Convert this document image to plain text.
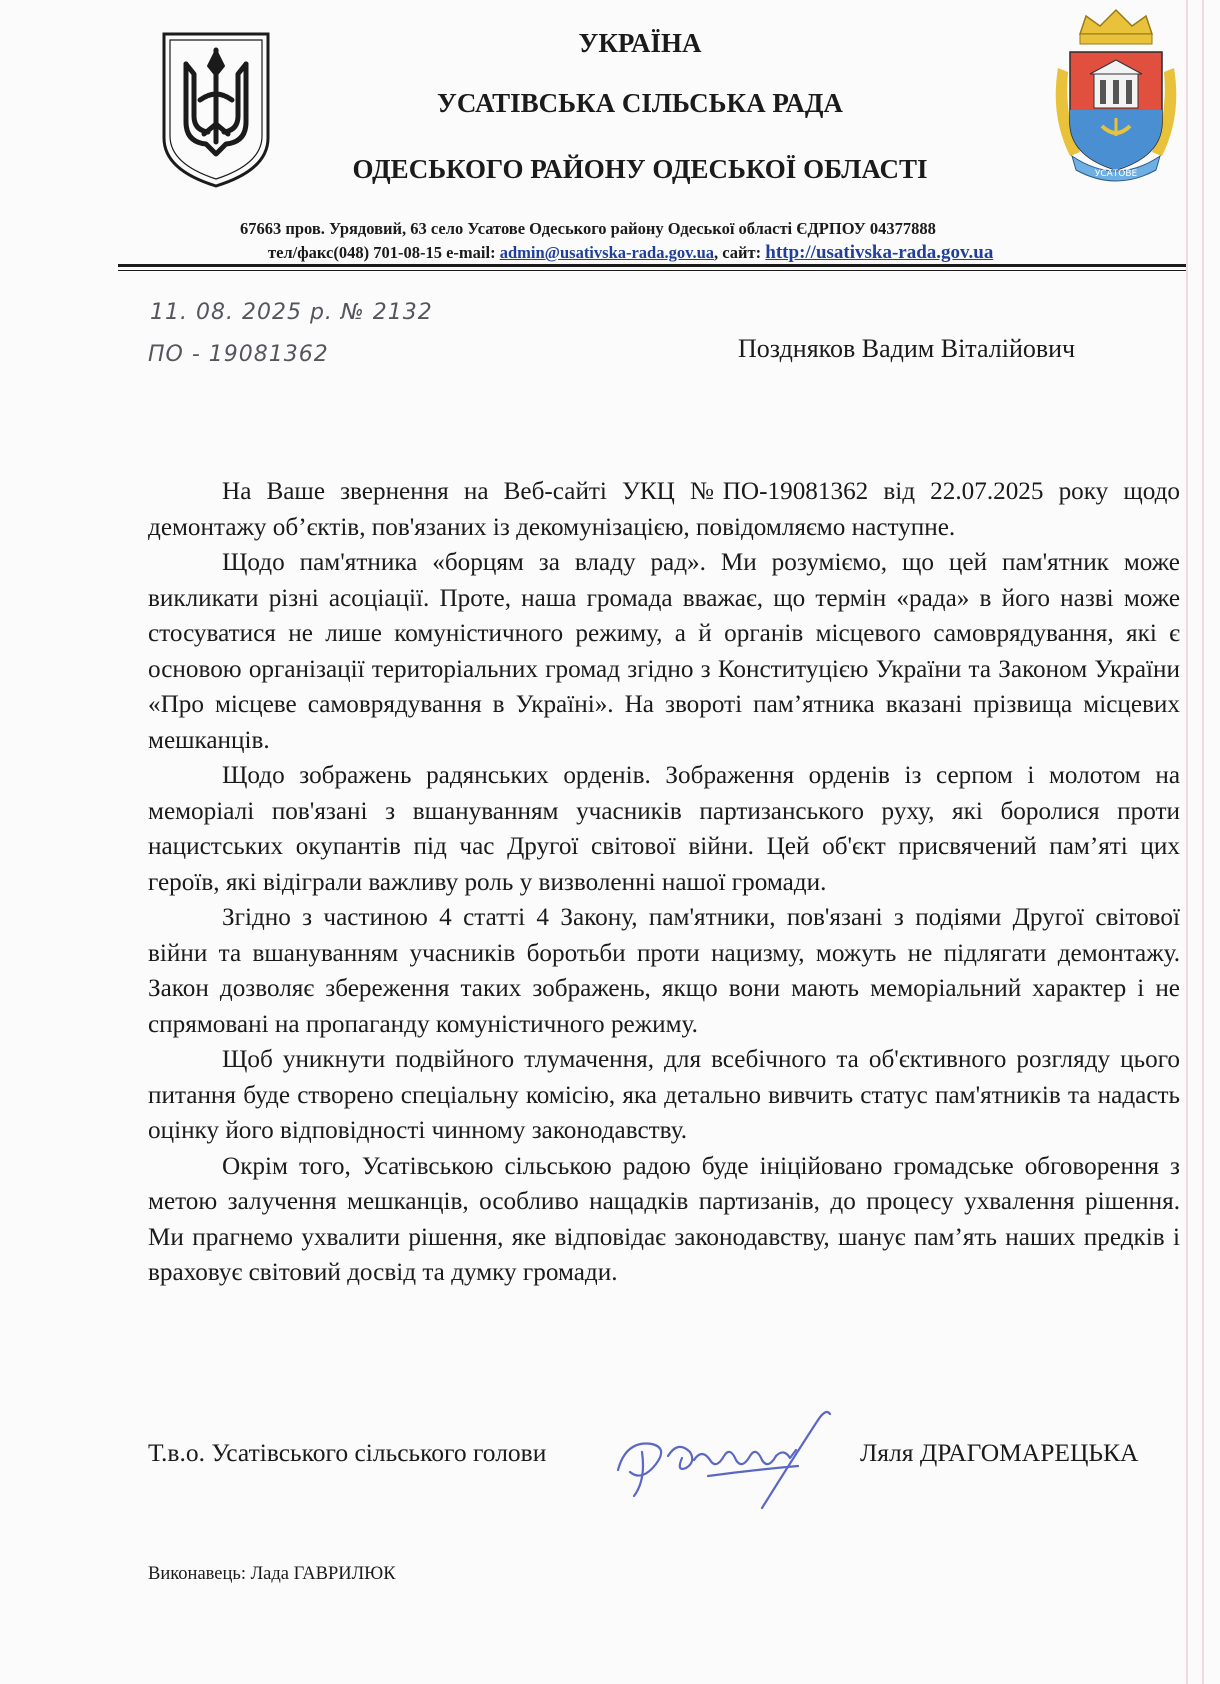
УСАТОВЕ
УКРАЇНА
УСАТІВСЬКА СІЛЬСЬКА РАДА
ОДЕСЬКОГО РАЙОНУ ОДЕСЬКОЇ ОБЛАСТІ
67663 пров. Урядовий, 63 село Усатове Одеського району Одеської області ЄДРПОУ 04377888
тел/факс(048) 701-08-15 e-mail: admin@usativska-rada.gov.ua, сайт: http://usativska-rada.gov.ua
11. 08. 2025 р. № 2132
ПО - 19081362	Поздняков Вадим Віталійович

На Ваше звернення на Веб-сайті УКЦ №ПО-19081362 від 22.07.2025 року щодо демонтажу об’єктів, пов'язаних із декомунізацією, повідомляємо наступне.

Щодо пам'ятника «борцям за владу рад». Ми розуміємо, що цей пам'ятник може викликати різні асоціації. Проте, наша громада вважає, що термін «рада» в його назві може стосуватися не лише комуністичного режиму, а й органів місцевого самоврядування, які є основою організації територіальних громад згідно з Конституцією України та Законом України «Про місцеве самоврядування в Україні». На звороті пам’ятника вказані прізвища місцевих мешканців.

Щодо зображень радянських орденів. Зображення орденів із серпом і молотом на меморіалі пов'язані з вшануванням учасників партизанського руху, які боролися проти нацистських окупантів під час Другої світової війни. Цей об'єкт присвячений пам’яті цих героїв, які відіграли важливу роль у визволенні нашої громади.

Згідно з частиною 4 статті 4 Закону, пам'ятники, пов'язані з подіями Другої світової війни та вшануванням учасників боротьби проти нацизму, можуть не підлягати демонтажу. Закон дозволяє збереження таких зображень, якщо вони мають меморіальний характер і не спрямовані на пропаганду комуністичного режиму.

Щоб уникнути подвійного тлумачення, для всебічного та об'єктивного розгляду цього питання буде створено спеціальну комісію, яка детально вивчить статус пам'ятників та надасть оцінку його відповідності чинному законодавству.

Окрім того, Усатівською сільською радою буде ініційовано громадське обговорення з метою залучення мешканців, особливо нащадків партизанів, до процесу ухвалення рішення. Ми прагнемо ухвалити рішення, яке відповідає законодавству, шанує пам’ять наших предків і враховує світовий досвід та думку громади.

Т.в.о. Усатівського сільського голови	Ляля ДРАГОМАРЕЦЬКА
Виконавець: Лада ГАВРИЛЮК
